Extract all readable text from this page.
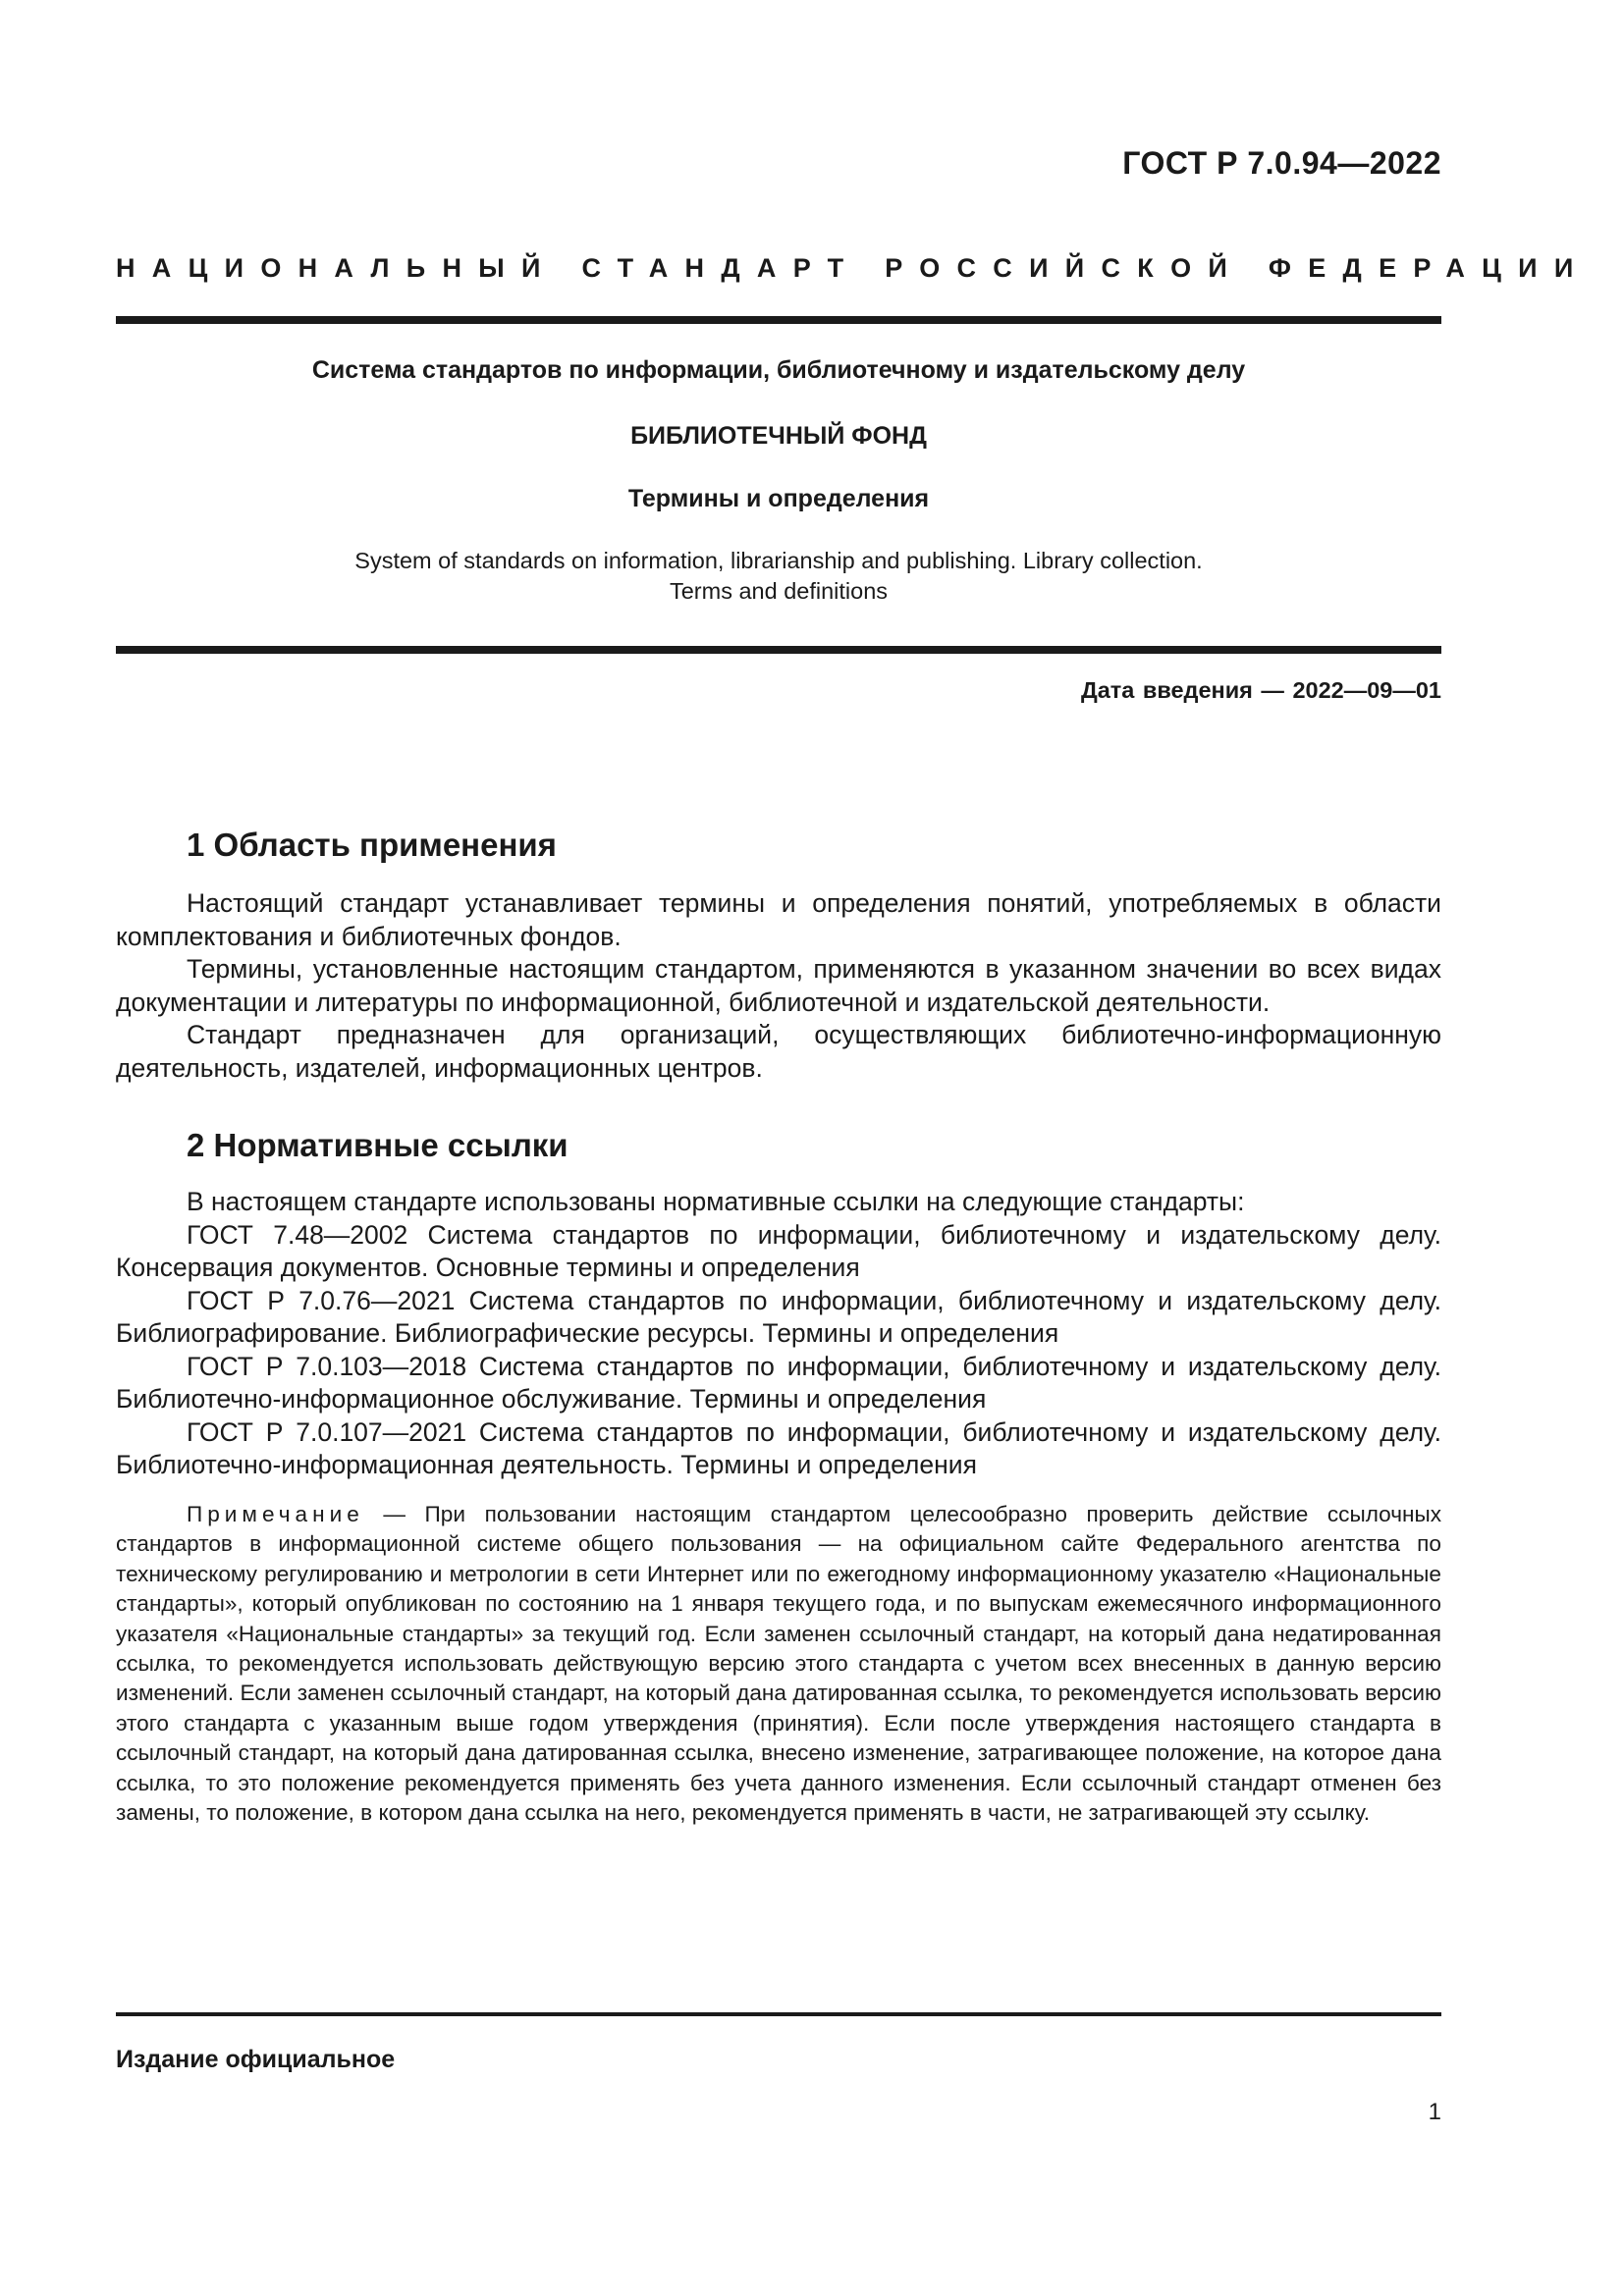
ГОСТ Р 7.0.94—2022
НАЦИОНАЛЬНЫЙ СТАНДАРТ РОССИЙСКОЙ ФЕДЕРАЦИИ
Система стандартов по информации, библиотечному и издательскому делу
БИБЛИОТЕЧНЫЙ ФОНД
Термины и определения
System of standards on information, librarianship and publishing. Library collection.
Terms and definitions
Дата введения — 2022—09—01
1 Область применения

Настоящий стандарт устанавливает термины и определения понятий, употребляемых в области комплектования и библиотечных фондов.

Термины, установленные настоящим стандартом, применяются в указанном значении во всех видах документации и литературы по информационной, библиотечной и издательской деятельности.

Стандарт предназначен для организаций, осуществляющих библиотечно-информационную деятельность, издателей, информационных центров.

2 Нормативные ссылки

В настоящем стандарте использованы нормативные ссылки на следующие стандарты:

ГОСТ 7.48—2002 Система стандартов по информации, библиотечному и издательскому делу. Консервация документов. Основные термины и определения

ГОСТ Р 7.0.76—2021 Система стандартов по информации, библиотечному и издательскому делу. Библиографирование. Библиографические ресурсы. Термины и определения

ГОСТ Р 7.0.103—2018 Система стандартов по информации, библиотечному и издательскому делу. Библиотечно-информационное обслуживание. Термины и определения

ГОСТ Р 7.0.107—2021 Система стандартов по информации, библиотечному и издательскому делу. Библиотечно-информационная деятельность. Термины и определения

Примечание — При пользовании настоящим стандартом целесообразно проверить действие ссылочных стандартов в информационной системе общего пользования — на официальном сайте Федерального агентства по техническому регулированию и метрологии в сети Интернет или по ежегодному информационному указателю «Национальные стандарты», который опубликован по состоянию на 1 января текущего года, и по выпускам ежемесячного информационного указателя «Национальные стандарты» за текущий год. Если заменен ссылочный стандарт, на который дана недатированная ссылка, то рекомендуется использовать действующую версию этого стандарта с учетом всех внесенных в данную версию изменений. Если заменен ссылочный стандарт, на который дана датированная ссылка, то рекомендуется использовать версию этого стандарта с указанным выше годом утверждения (принятия). Если после утверждения настоящего стандарта в ссылочный стандарт, на который дана датированная ссылка, внесено изменение, затрагивающее положение, на которое дана ссылка, то это положение рекомендуется применять без учета данного изменения. Если ссылочный стандарт отменен без замены, то положение, в котором дана ссылка на него, рекомендуется применять в части, не затрагивающей эту ссылку.
Издание официальное
1
